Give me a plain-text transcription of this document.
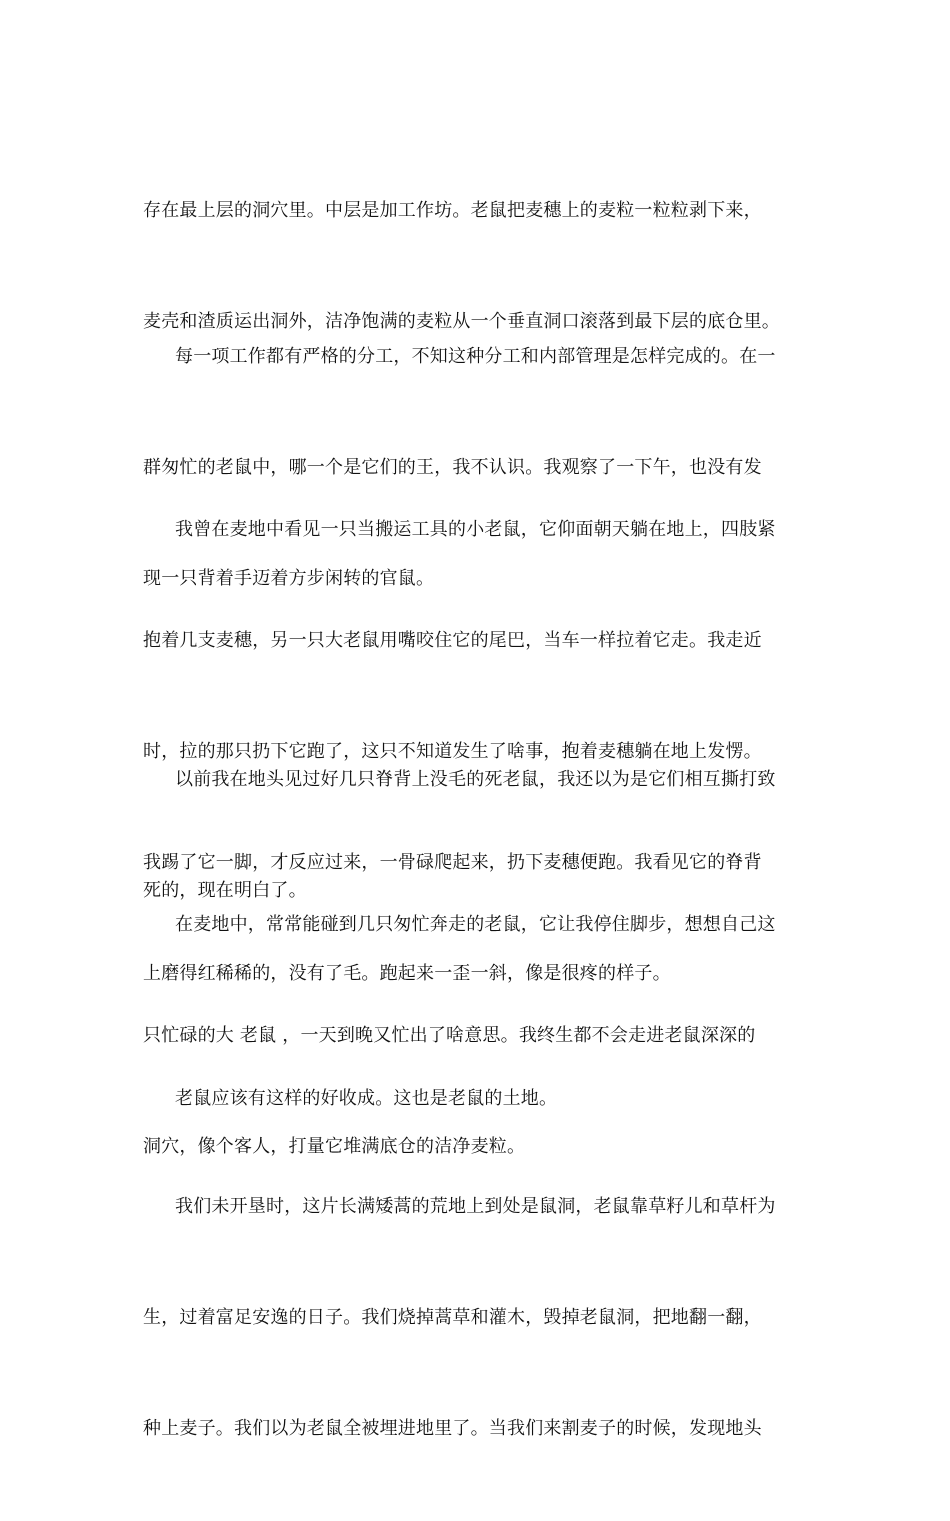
存在最上层的洞穴里。中层是加工作坊。老鼠把麦穗上的麦粒一粒粒剥下来，

麦壳和渣质运出洞外，洁净饱满的麦粒从一个垂直洞口滚落到最下层的底仓里。

每一项工作都有严格的分工，不知这种分工和内部管理是怎样完成的。在一

群匆忙的老鼠中，哪一个是它们的王，我不认识。我观察了一下午，也没有发

现一只背着手迈着方步闲转的官鼠。

我曾在麦地中看见一只当搬运工具的小老鼠，它仰面朝天躺在地上，四肢紧

抱着几支麦穗，另一只大老鼠用嘴咬住它的尾巴，当车一样拉着它走。我走近

时，拉的那只扔下它跑了，这只不知道发生了啥事，抱着麦穗躺在地上发愣。

我踢了它一脚，才反应过来，一骨碌爬起来，扔下麦穗便跑。我看见它的脊背

上磨得红稀稀的，没有了毛。跑起来一歪一斜，像是很疼的样子。

以前我在地头见过好几只脊背上没毛的死老鼠，我还以为是它们相互撕打致

死的，现在明白了。

在麦地中，常常能碰到几只匆忙奔走的老鼠，它让我停住脚步，想想自己这

只忙碌的大 老鼠 ，一天到晚又忙出了啥意思。我终生都不会走进老鼠深深的

洞穴，像个客人，打量它堆满底仓的洁净麦粒。

老鼠应该有这样的好收成。这也是老鼠的土地。

我们未开垦时，这片长满矮蒿的荒地上到处是鼠洞，老鼠靠草籽儿和草杆为

生，过着富足安逸的日子。我们烧掉蒿草和灌木，毁掉老鼠洞，把地翻一翻，

种上麦子。我们以为老鼠全被埋进地里了。当我们来割麦子的时候，发现地头
